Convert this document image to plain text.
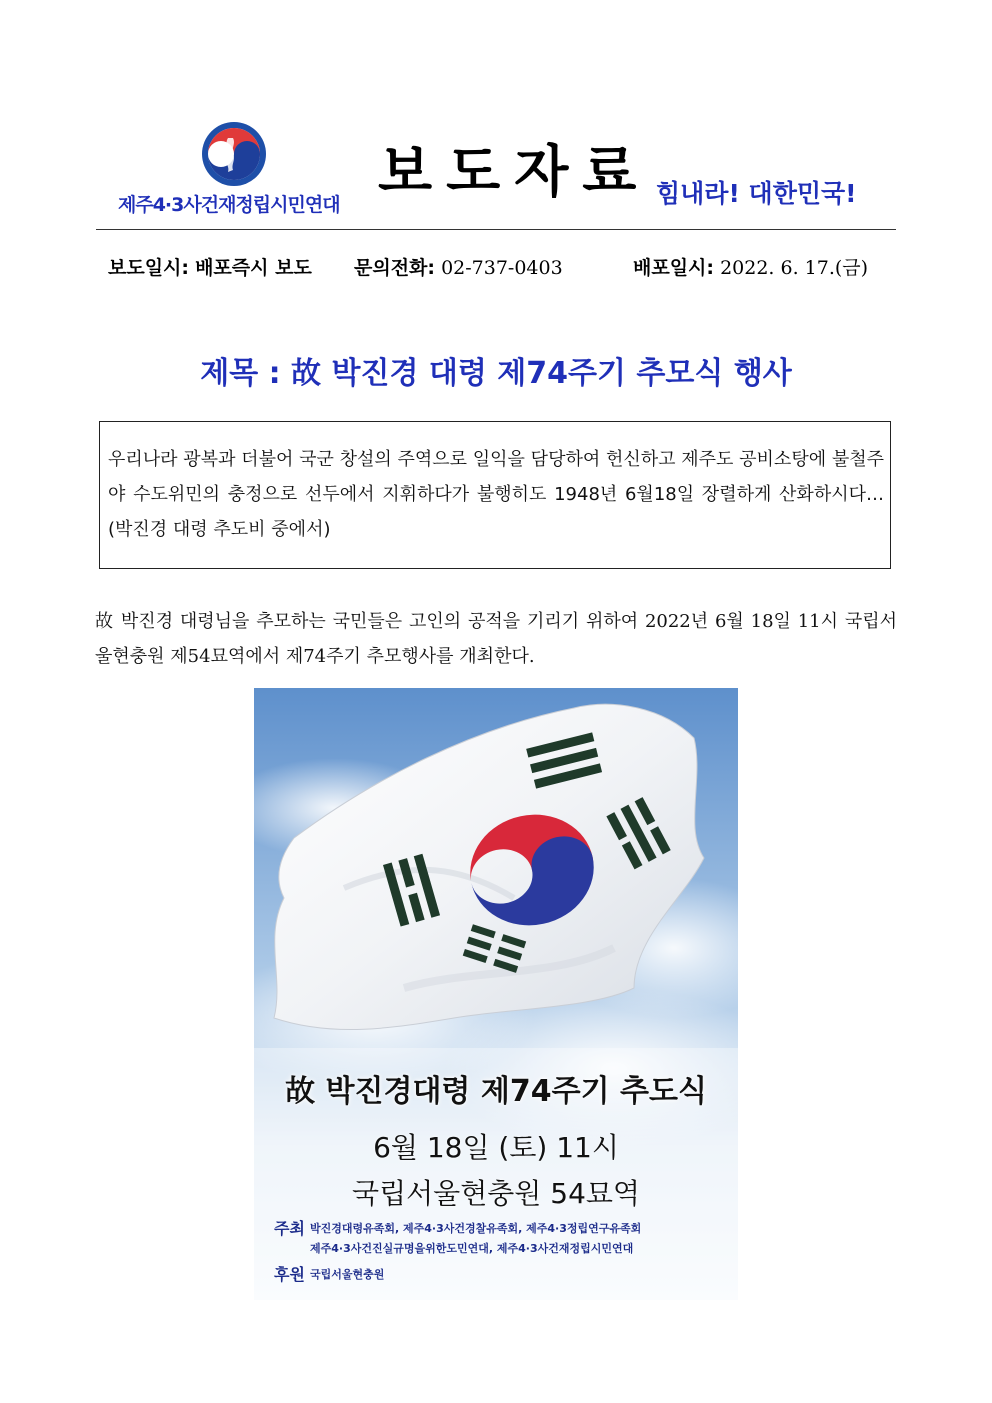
제주4·3사건재정립시민연대 보도자료 힘내라! 대한민국!
보도일시: 배포즉시 보도 문의전화: 02-737-0403	배포일시: 2022. 6. 17.(금)
제목 : 故 박진경 대령 제74주기 추모식 행사
우리나라 광복과 더불어 국군 창설의 주역으로 일익을 담당하여 헌신하고 제주도 공비소탕에 불철주야 수도위민의 충정으로 선두에서 지휘하다가 불행히도 1948년 6월18일 장렬하게 산화하시다… (박진경 대령 추도비 중에서)
故 박진경 대령님을 추모하는 국민들은 고인의 공적을 기리기 위하여 2022년 6월 18일 11시 국립서울현충원 제54묘역에서 제74주기 추모행사를 개최한다.
故 박진경대령 제74주기 추도식
6월 18일 (토) 11시
국립서울현충원 54묘역
주최 박진경대령유족회, 제주4·3사건경찰유족회, 제주4·3정립연구유족회
제주4·3사건진실규명을위한도민연대, 제주4·3사건재정립시민연대
후원 국립서울현충원
